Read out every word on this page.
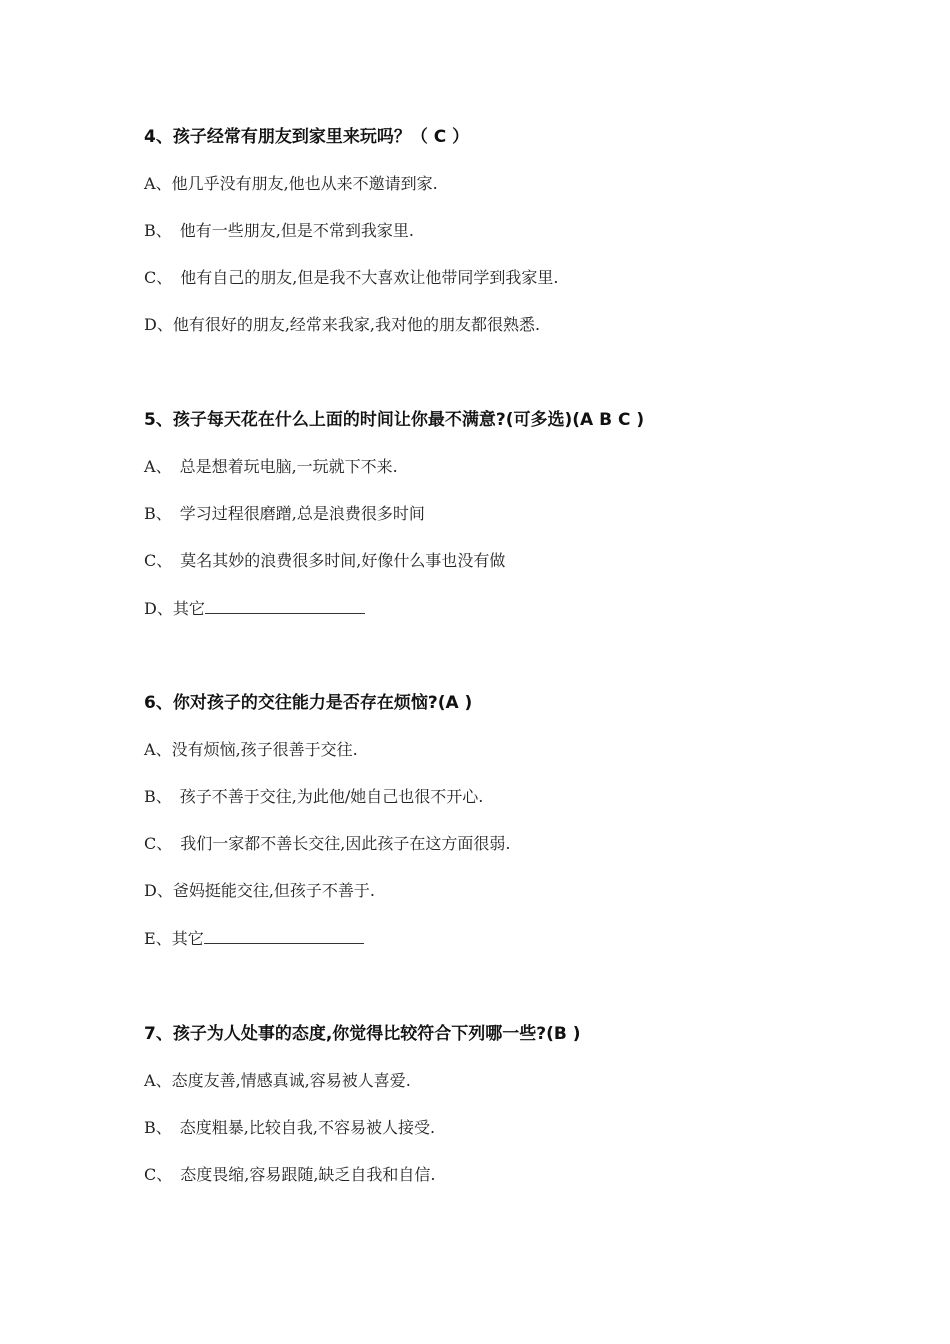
4、孩子经常有朋友到家里来玩吗？（ C ）
A、他几乎没有朋友,他也从来不邀请到家.
B、 他有一些朋友,但是不常到我家里.
C、 他有自己的朋友,但是我不大喜欢让他带同学到我家里.
D、他有很好的朋友,经常来我家,我对他的朋友都很熟悉.
5、孩子每天花在什么上面的时间让你最不满意?(可多选)(A B C )
A、 总是想着玩电脑,一玩就下不来.
B、 学习过程很磨蹭,总是浪费很多时间
C、 莫名其妙的浪费很多时间,好像什么事也没有做
D、其它
6、你对孩子的交往能力是否存在烦恼?(A )
A、没有烦恼,孩子很善于交往.
B、 孩子不善于交往,为此他/她自己也很不开心.
C、 我们一家都不善长交往,因此孩子在这方面很弱.
D、爸妈挺能交往,但孩子不善于.
E、其它
7、孩子为人处事的态度,你觉得比较符合下列哪一些?(B )
A、态度友善,情感真诚,容易被人喜爱.
B、 态度粗暴,比较自我,不容易被人接受.
C、 态度畏缩,容易跟随,缺乏自我和自信.
